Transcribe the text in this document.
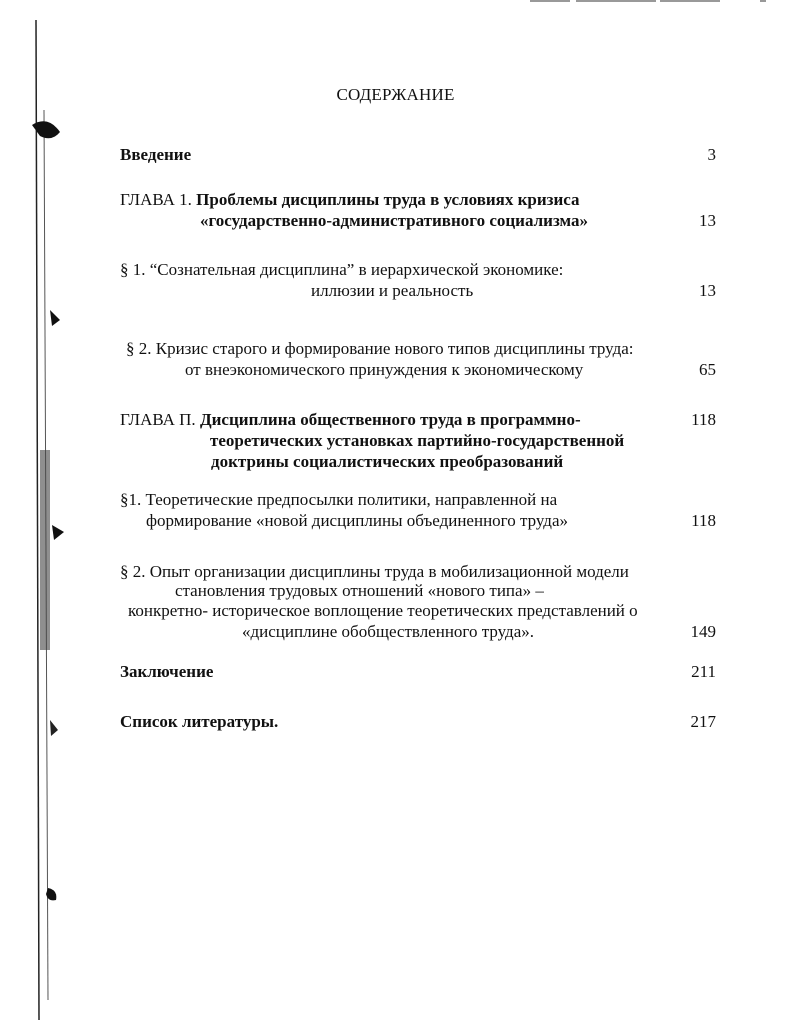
СОДЕРЖАНИЕ
Введение	3
ГЛАВА 1. Проблемы дисциплины труда в условиях кризиса
«государственно-административного социализма»	13
§ 1. “Сознательная дисциплина” в иерархической экономике:
иллюзии и реальность	13
§ 2. Кризис старого и формирование нового типов дисциплины труда:
от внеэкономического принуждения к экономическому	65
ГЛАВА П. Дисциплина общественного труда в программно-	118
теоретических установках партийно-государственной
доктрины социалистических преобразований
§1. Теоретические предпосылки политики, направленной на
формирование «новой дисциплины объединенного труда»	118
§ 2. Опыт организации дисциплины труда в мобилизационной модели
становления трудовых отношений «нового типа» –
конкретно- историческое воплощение теоретических представлений о
«дисциплине обобществленного труда».	149
Заключение	211
Список литературы.	217
